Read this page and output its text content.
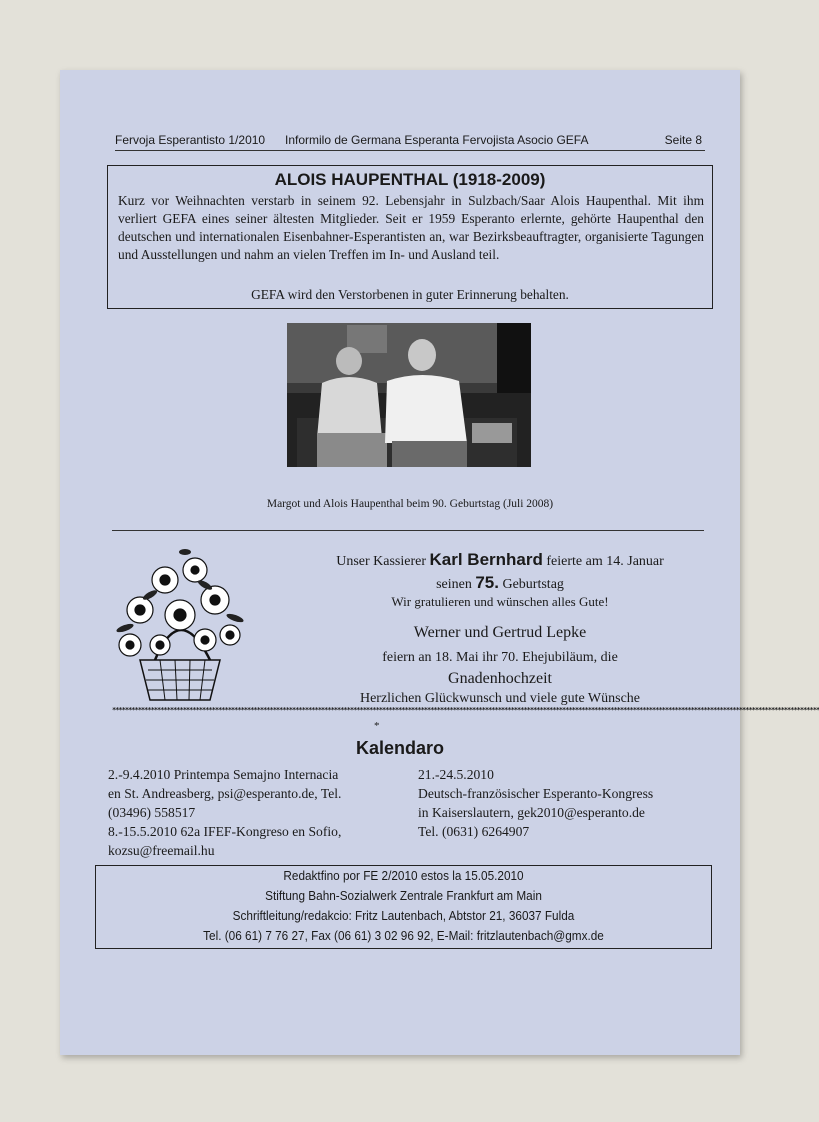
Fervoja Esperantisto 1/2010 Informilo de Germana Esperanta Fervojista Asocio GEFA	Seite 8
ALOIS HAUPENTHAL (1918-2009)
Kurz vor Weihnachten verstarb in seinem 92. Lebensjahr in Sulzbach/Saar Alois Haupenthal. Mit ihm verliert GEFA eines seiner ältesten Mitglieder. Seit er 1959 Esperanto erlernte, gehörte Haupenthal den deutschen und internationalen Eisenbahner-Esperantisten an, war Bezirksbeauftragter, organisierte Tagungen und Ausstellungen und nahm an vielen Treffen im In- und Ausland teil.
GEFA wird den Verstorbenen in guter Erinnerung behalten.
Margot und Alois Haupenthal beim 90. Geburtstag (Juli 2008)
Unser Kassierer Karl Bernhard feierte am 14. Januar
seinen 75. Geburtstag
Wir gratulieren und wünschen alles Gute!
Werner und Gertrud Lepke
feiern an 18. Mai ihr 70. Ehejubiläum, die
Gnadenhochzeit
Herzlichen Glückwunsch und viele gute Wünsche
****************************************************************************************************************************************************************************************************************************
*
Kalendaro
2.-9.4.2010 Printempa Semajno Internacia
en St. Andreasberg, psi@esperanto.de, Tel.
(03496) 558517
8.-15.5.2010 62a IFEF-Kongreso en Sofio,
kozsu@freemail.hu
21.-24.5.2010
Deutsch-französischer Esperanto-Kongress
in Kaiserslautern, gek2010@esperanto.de
Tel. (0631) 6264907
Redaktfino por FE 2/2010 estos la 15.05.2010
Stiftung Bahn-Sozialwerk Zentrale Frankfurt am Main
Schriftleitung/redakcio: Fritz Lautenbach, Abtstor 21, 36037 Fulda
Tel. (06 61) 7 76 27, Fax (06 61) 3 02 96 92, E-Mail: fritzlautenbach@gmx.de
